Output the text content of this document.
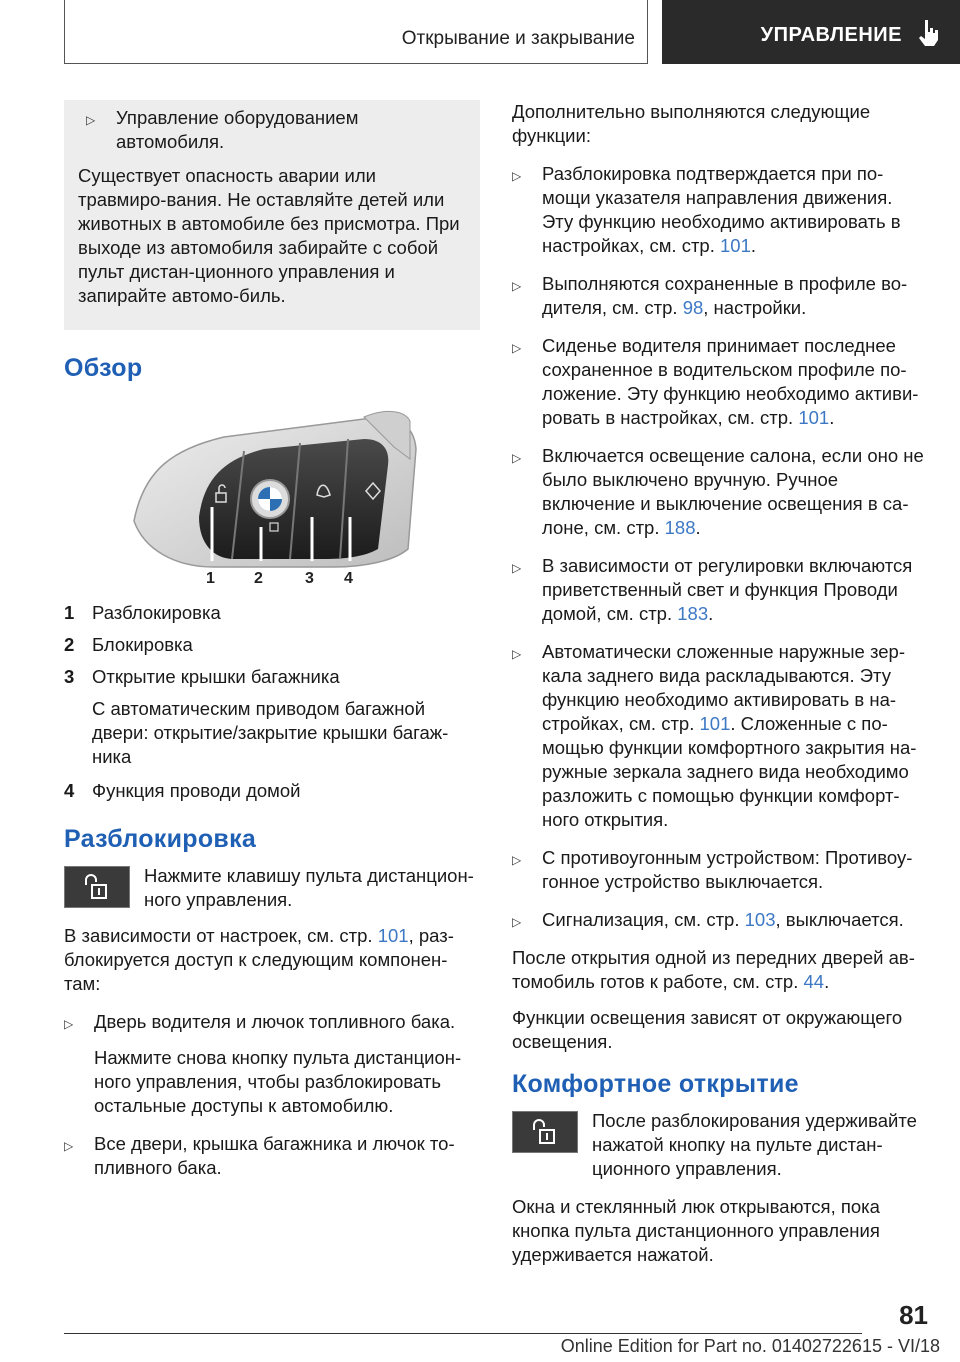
Открывание и закрывание	УПРАВЛЕНИЕ
▷	Управление оборудованием автомобиля.
Существует опасность аварии или травмиро-вания. Не оставляйте детей или животных в автомобиле без присмотра. При выходе из автомобиля забирайте с собой пульт дистан-ционного управления и запирайте автомо-биль.
Обзор
1 2	3 4
1 Разблокировка
2 Блокировка
3 Открытие крышки багажника
С автоматическим приводом багажной двери: открытие/закрытие крышки багаж-ника
4 Функция проводи домой
Разблокировка
Нажмите клавишу пульта дистанцион-ного управления.
В зависимости от настроек, см. стр. 101, раз-блокируется доступ к следующим компонен-там:
▷	Дверь водителя и лючок топливного бака.
Нажмите снова кнопку пульта дистанцион-ного управления, чтобы разблокировать остальные доступы к автомобилю.
▷	Все двери, крышка багажника и лючок то-пливного бака.
Дополнительно выполняются следующие функции:
▷	Разблокировка подтверждается при по-мощи указателя направления движения. Эту функцию необходимо активировать в настройках, см. стр. 101.
▷	Выполняются сохраненные в профиле во-дителя, см. стр. 98, настройки.
▷	Сиденье водителя принимает последнее сохраненное в водительском профиле по-ложение. Эту функцию необходимо активи-ровать в настройках, см. стр. 101.
▷	Включается освещение салона, если оно не было выключено вручную. Ручное включение и выключение освещения в са-лоне, см. стр. 188.
▷	В зависимости от регулировки включаются приветственный свет и функция Проводи домой, см. стр. 183.
▷	Автоматически сложенные наружные зер-кала заднего вида раскладываются. Эту функцию необходимо активировать в на-стройках, см. стр. 101. Сложенные с по-мощью функции комфортного закрытия на-ружные зеркала заднего вида необходимо разложить с помощью функции комфорт-ного открытия.
▷	С противоугонным устройством: Противоу-гонное устройство выключается.
▷	Сигнализация, см. стр. 103, выключается.
После открытия одной из передних дверей ав-томобиль готов к работе, см. стр. 44.
Функции освещения зависят от окружающего освещения.
Комфортное открытие
После разблокирования удерживайте нажатой кнопку на пульте дистан-ционного управления.
Окна и стеклянный люк открываются, пока кнопка пульта дистанционного управления удерживается нажатой.
81
Online Edition for Part no. 01402722615 - VI/18
